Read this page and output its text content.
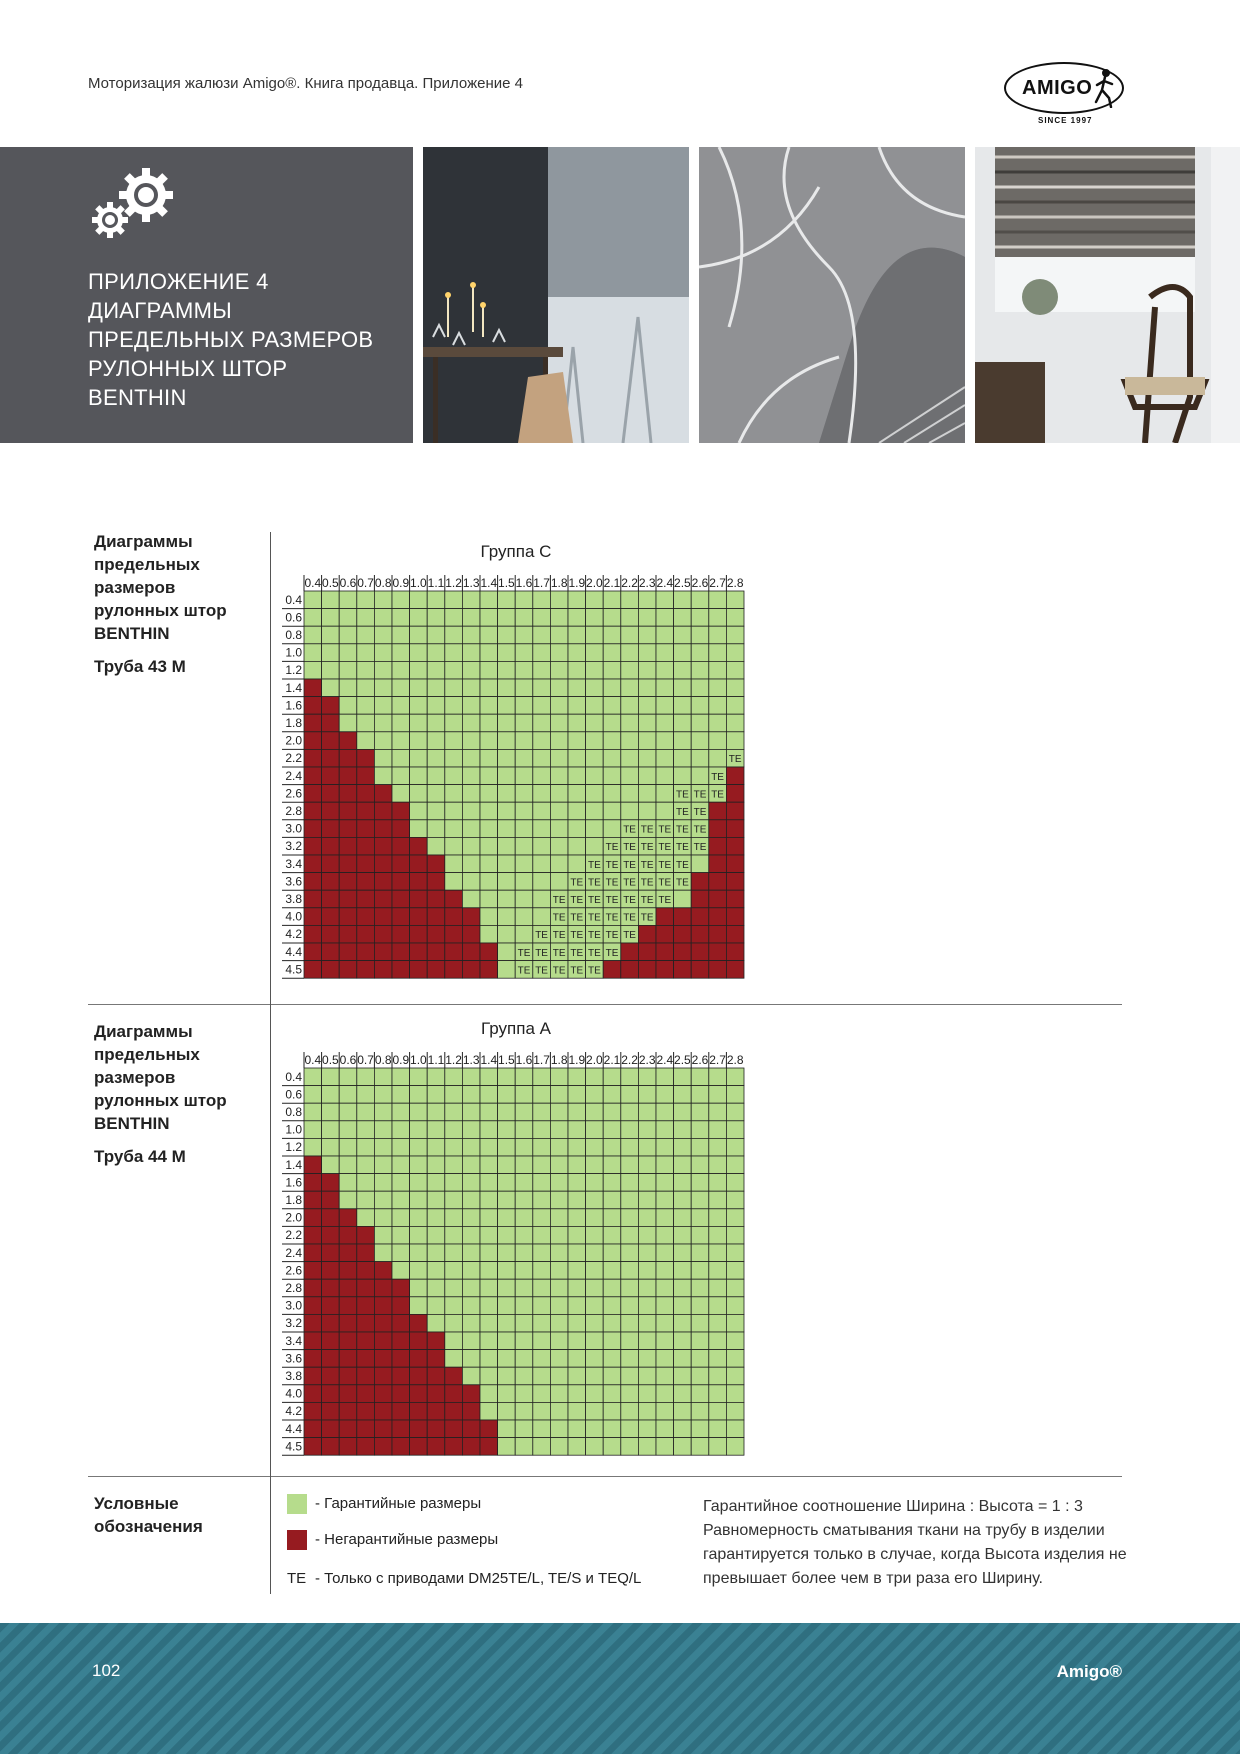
Моторизация жалюзи Amigo®. Книга продавца. Приложение 4	AMIGO
SINCE 1997
ПРИЛОЖЕНИЕ 4
ДИАГРАММЫ
ПРЕДЕЛЬНЫХ РАЗМЕРОВ
РУЛОННЫХ ШТОР
BENTHIN
Диаграммы
предельных
размеров
рулонных штор
BENTHIN
Труба 43 М
Группа С
0.4 0.5 0.6 0.7 0.8 0.9 1.0 1.1 1.2 1.3 1.4 1.5 1.6 1.7 1.8 1.9 2.0 2.1 2.2 2.3 2.4 2.5 2.6 2.7 2.8
0.4
0.6
0.8
1.0
1.2
1.4
1.6
1.8
2.0
2.2
2.4
2.6
2.8
3.0
3.2
3.4
3.6
3.8
4.0
4.2
4.4
4.5
TE
TE
TE TE TE
TE TE
TE TE TE TE TE
TE TE TE TE TE TE
TE TE TE TE TE TE
TE TE TE TE TE TE TE
TE TE TE TE TE TE TE
TE TE TE TE TE TE
TE TE TE TE TE TE
TE TE TE TE TE TE
TE TE TE TE TE
Диаграммы
предельных
размеров
рулонных штор
BENTHIN
Труба 44 М
Группа А
0.4 0.5 0.6 0.7 0.8 0.9 1.0 1.1 1.2 1.3 1.4 1.5 1.6 1.7 1.8 1.9 2.0 2.1 2.2 2.3 2.4 2.5 2.6 2.7 2.8
0.4
0.6
0.8
1.0
1.2
1.4
1.6
1.8
2.0
2.2
2.4
2.6
2.8
3.0
3.2
3.4
3.6
3.8
4.0
4.2
4.4
4.5
Условные
обозначения
- Гарантийные размеры
- Негарантийные размеры
TE - Только с приводами DM25TE/L, TE/S и TEQ/L
Гарантийное соотношение Ширина : Высота = 1 : 3
Равномерность сматывания ткани на трубу в изделии гарантируется только в случае, когда Высота изделия не превышает более чем в три раза его Ширину.
102	Amigo®
